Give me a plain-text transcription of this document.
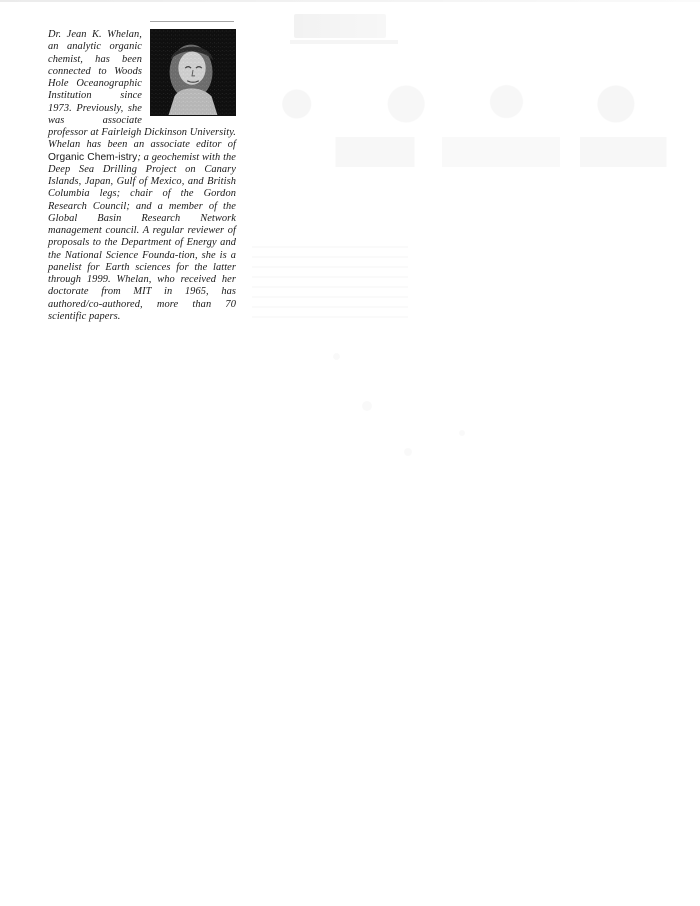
Dr. Jean K. Whelan, an analytic organic chemist, has been connected to Woods Hole Oceanographic Institution since 1973. Previously, she was associate professor at Fairleigh Dickinson University. Whelan has been an associate editor of Organic Chem-istry; a geochemist with the Deep Sea Drilling Project on Canary Islands, Japan, Gulf of Mexico, and British Columbia legs; chair of the Gordon Research Council; and a member of the Global Basin Research Network management council. A regular reviewer of proposals to the Department of Energy and the National Science Founda-tion, she is a panelist for Earth sciences for the latter through 1999. Whelan, who received her doctorate from MIT in 1965, has authored/co-authored, more than 70 scientific papers.
